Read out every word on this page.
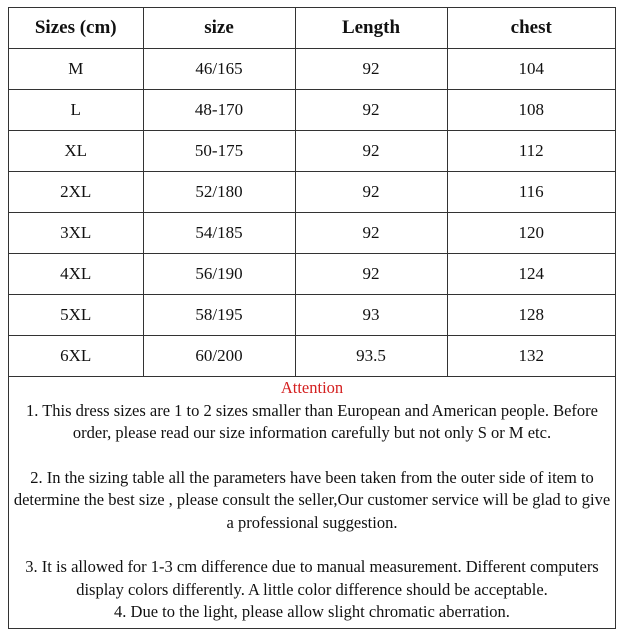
Sizes (cm)	size	Length	chest
M	46/165	92	104
L	48-170	92	108
XL	50-175	92	112
2XL	52/180	92	116
3XL	54/185	92	120
4XL	56/190	92	124
5XL	58/195	93	128
6XL	60/200	93.5	132

Attention

1. This dress sizes are 1 to 2 sizes smaller than European and American people. Before order, please read our size information carefully but not only S or M etc.

2. In the sizing table all the parameters have been taken from the outer side of item to determine the best size , please consult the seller,Our customer service will be glad to give a professional suggestion.

3. It is allowed for 1-3 cm difference due to manual measurement. Different computers display colors differently. A little color difference should be acceptable.

4. Due to the light, please allow slight chromatic aberration.
